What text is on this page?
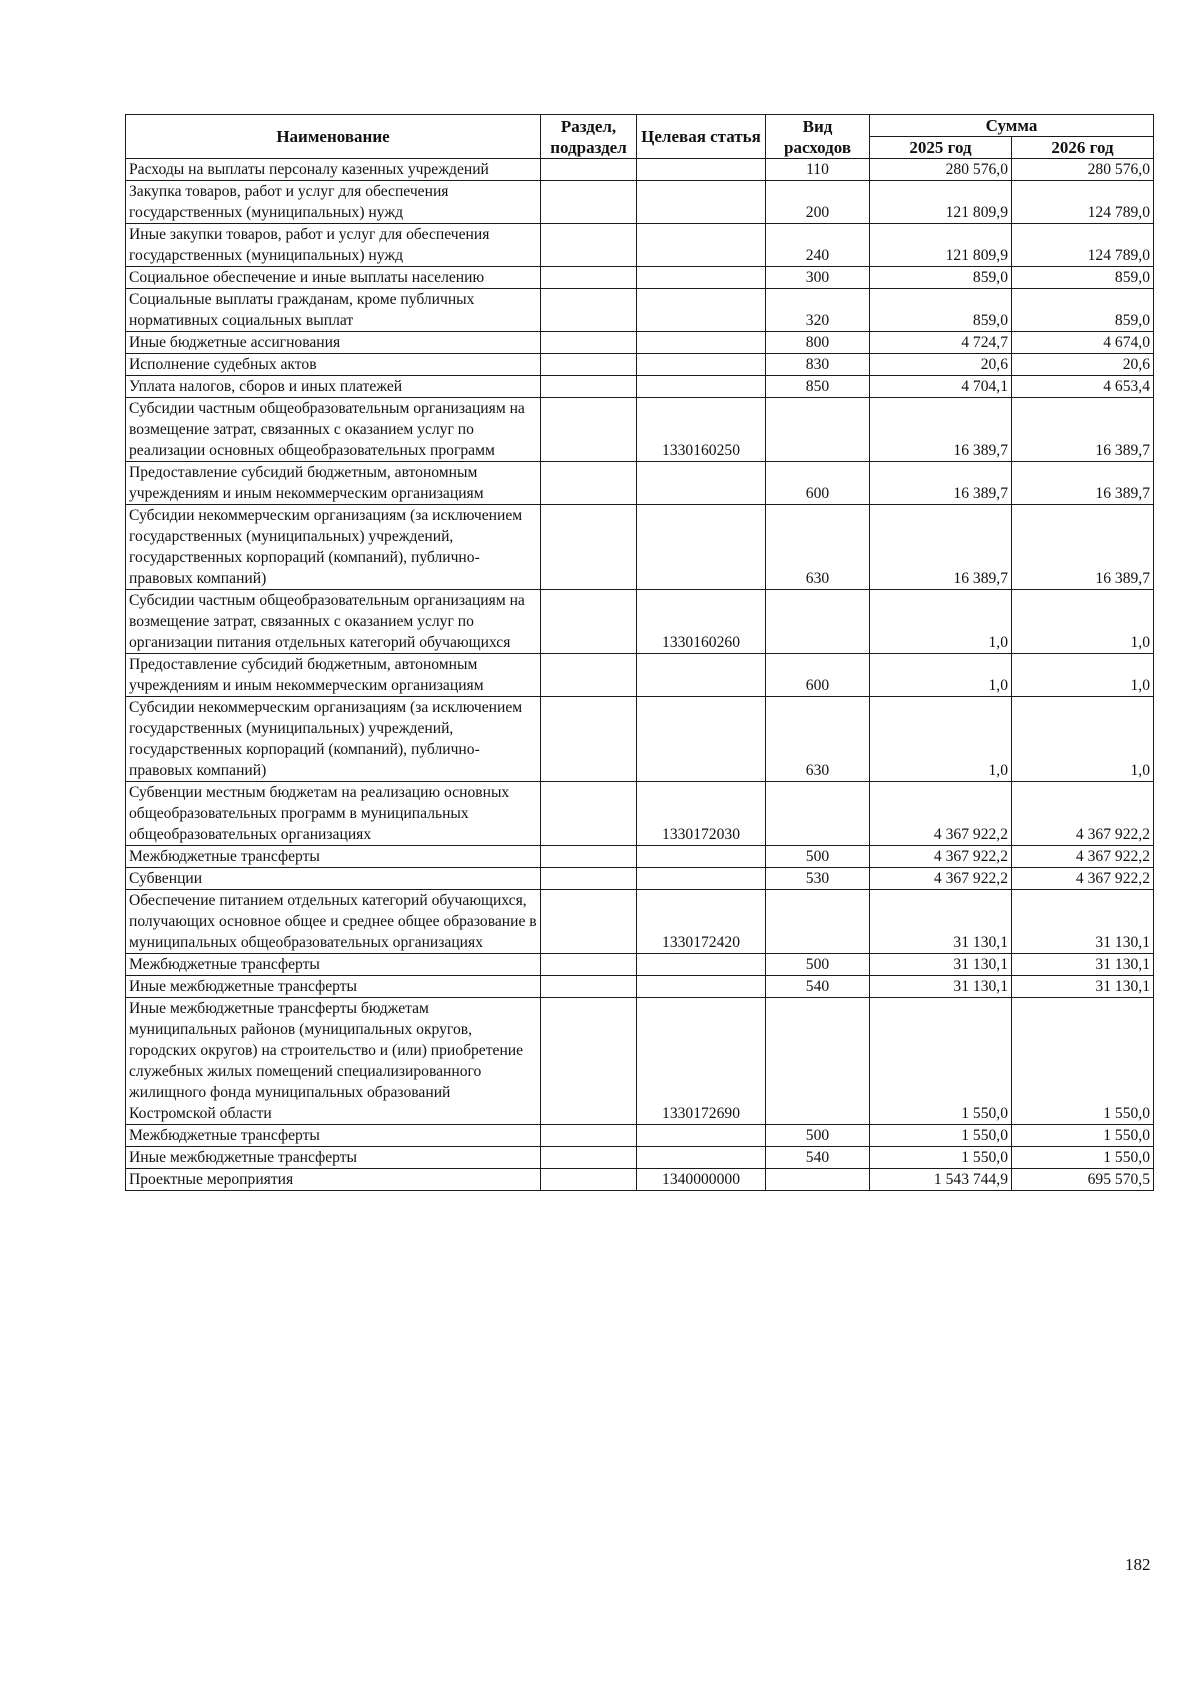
Наименование	Раздел, подраздел	Целевая статья	Вид расходов	Сумма	
				2025 год	2026 год
Расходы на выплаты персоналу казенных учреждений			110	280 576,0	280 576,0
Закупка товаров, работ и услуг для обеспечения государственных (муниципальных) нужд			200	121 809,9	124 789,0
Иные закупки товаров, работ и услуг для обеспечения государственных (муниципальных) нужд			240	121 809,9	124 789,0
Социальное обеспечение и иные выплаты населению			300	859,0	859,0
Социальные выплаты гражданам, кроме публичных нормативных социальных выплат			320	859,0	859,0
Иные бюджетные ассигнования			800	4 724,7	4 674,0
Исполнение судебных актов			830	20,6	20,6
Уплата налогов, сборов и иных платежей			850	4 704,1	4 653,4
Субсидии частным общеобразовательным организациям на возмещение затрат, связанных с оказанием услуг по реализации основных общеобразовательных программ		1330160250		16 389,7	16 389,7
Предоставление субсидий бюджетным, автономным учреждениям и иным некоммерческим организациям			600	16 389,7	16 389,7
Субсидии некоммерческим организациям (за исключением государственных (муниципальных) учреждений, государственных корпораций (компаний), публично-правовых компаний)			630	16 389,7	16 389,7
Субсидии частным общеобразовательным организациям на возмещение затрат, связанных с оказанием услуг по организации питания отдельных категорий обучающихся		1330160260		1,0	1,0
Предоставление субсидий бюджетным, автономным учреждениям и иным некоммерческим организациям			600	1,0	1,0
Субсидии некоммерческим организациям (за исключением государственных (муниципальных) учреждений, государственных корпораций (компаний), публично-правовых компаний)			630	1,0	1,0
Субвенции местным бюджетам на реализацию основных общеобразовательных программ в муниципальных общеобразовательных организациях		1330172030		4 367 922,2	4 367 922,2
Межбюджетные трансферты			500	4 367 922,2	4 367 922,2
Субвенции			530	4 367 922,2	4 367 922,2
Обеспечение питанием отдельных категорий обучающихся, получающих основное общее и среднее общее образование в муниципальных общеобразовательных организациях		1330172420		31 130,1	31 130,1
Межбюджетные трансферты			500	31 130,1	31 130,1
Иные межбюджетные трансферты			540	31 130,1	31 130,1
Иные межбюджетные трансферты бюджетам муниципальных районов (муниципальных округов, городских округов) на строительство и (или) приобретение служебных жилых помещений специализированного жилищного фонда муниципальных образований Костромской области		1330172690		1 550,0	1 550,0
Межбюджетные трансферты			500	1 550,0	1 550,0
Иные межбюджетные трансферты			540	1 550,0	1 550,0
Проектные мероприятия		1340000000		1 543 744,9	695 570,5
182
